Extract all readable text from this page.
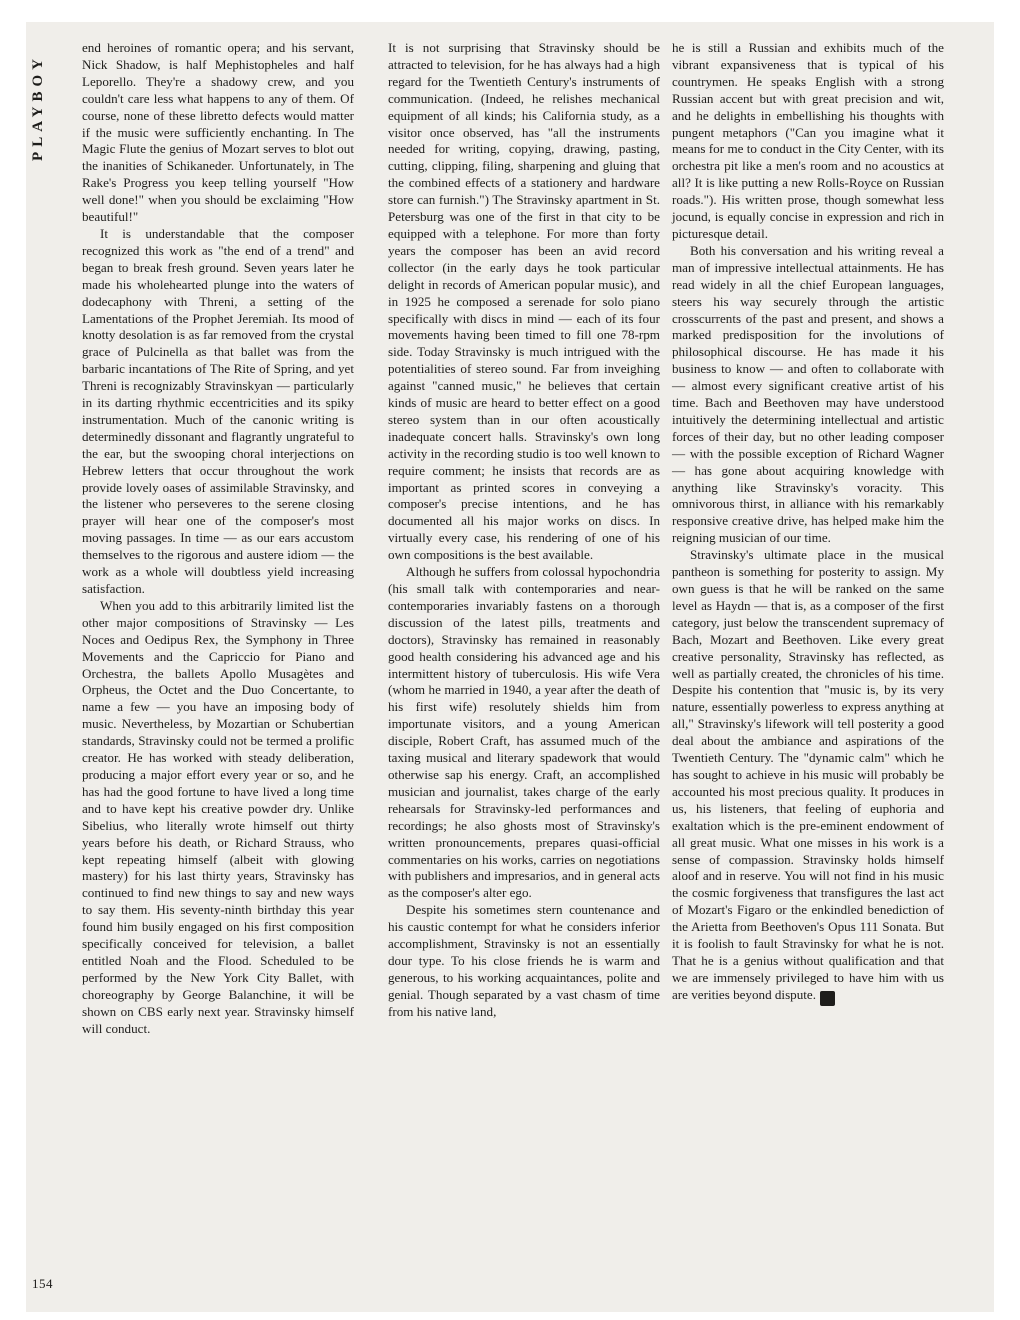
PLAYBOY

end heroines of romantic opera; and his servant, Nick Shadow, is half Mephistopheles and half Leporello. They're a shadowy crew, and you couldn't care less what happens to any of them. Of course, none of these libretto defects would matter if the music were sufficiently enchanting. In The Magic Flute the genius of Mozart serves to blot out the inanities of Schikaneder. Unfortunately, in The Rake's Progress you keep telling yourself "How well done!" when you should be exclaiming "How beautiful!"

It is understandable that the composer recognized this work as "the end of a trend" and began to break fresh ground. Seven years later he made his wholehearted plunge into the waters of dodecaphony with Threni, a setting of the Lamentations of the Prophet Jeremiah. Its mood of knotty desolation is as far removed from the crystal grace of Pulcinella as that ballet was from the barbaric incantations of The Rite of Spring, and yet Threni is recognizably Stravinskyan — particularly in its darting rhythmic eccentricities and its spiky instrumentation. Much of the canonic writing is determinedly dissonant and flagrantly ungrateful to the ear, but the swooping choral interjections on Hebrew letters that occur throughout the work provide lovely oases of assimilable Stravinsky, and the listener who perseveres to the serene closing prayer will hear one of the composer's most moving passages. In time — as our ears accustom themselves to the rigorous and austere idiom — the work as a whole will doubtless yield increasing satisfaction.

When you add to this arbitrarily limited list the other major compositions of Stravinsky — Les Noces and Oedipus Rex, the Symphony in Three Movements and the Capriccio for Piano and Orchestra, the ballets Apollo Musagètes and Orpheus, the Octet and the Duo Concertante, to name a few — you have an imposing body of music. Nevertheless, by Mozartian or Schubertian standards, Stravinsky could not be termed a prolific creator. He has worked with steady deliberation, producing a major effort every year or so, and he has had the good fortune to have lived a long time and to have kept his creative powder dry. Unlike Sibelius, who literally wrote himself out thirty years before his death, or Richard Strauss, who kept repeating himself (albeit with glowing mastery) for his last thirty years, Stravinsky has continued to find new things to say and new ways to say them. His seventy-ninth birthday this year found him busily engaged on his first composition specifically conceived for television, a ballet entitled Noah and the Flood. Scheduled to be performed by the New York City Ballet, with choreography by George Balanchine, it will be shown on CBS early next year. Stravinsky himself will conduct.

It is not surprising that Stravinsky should be attracted to television, for he has always had a high regard for the Twentieth Century's instruments of communication. (Indeed, he relishes mechanical equipment of all kinds; his California study, as a visitor once observed, has "all the instruments needed for writing, copying, drawing, pasting, cutting, clipping, filing, sharpening and gluing that the combined effects of a stationery and hardware store can furnish.") The Stravinsky apartment in St. Petersburg was one of the first in that city to be equipped with a telephone. For more than forty years the composer has been an avid record collector (in the early days he took particular delight in records of American popular music), and in 1925 he composed a serenade for solo piano specifically with discs in mind — each of its four movements having been timed to fill one 78-rpm side. Today Stravinsky is much intrigued with the potentialities of stereo sound. Far from inveighing against "canned music," he believes that certain kinds of music are heard to better effect on a good stereo system than in our often acoustically inadequate concert halls. Stravinsky's own long activity in the recording studio is too well known to require comment; he insists that records are as important as printed scores in conveying a composer's precise intentions, and he has documented all his major works on discs. In virtually every case, his rendering of one of his own compositions is the best available.

Although he suffers from colossal hypochondria (his small talk with contemporaries and near-contemporaries invariably fastens on a thorough discussion of the latest pills, treatments and doctors), Stravinsky has remained in reasonably good health considering his advanced age and his intermittent history of tuberculosis. His wife Vera (whom he married in 1940, a year after the death of his first wife) resolutely shields him from importunate visitors, and a young American disciple, Robert Craft, has assumed much of the taxing musical and literary spadework that would otherwise sap his energy. Craft, an accomplished musician and journalist, takes charge of the early rehearsals for Stravinsky-led performances and recordings; he also ghosts most of Stravinsky's written pronouncements, prepares quasi-official commentaries on his works, carries on negotiations with publishers and impresarios, and in general acts as the composer's alter ego.

Despite his sometimes stern countenance and his caustic contempt for what he considers inferior accomplishment, Stravinsky is not an essentially dour type. To his close friends he is warm and generous, to his working acquaintances, polite and genial. Though separated by a vast chasm of time from his native land,

he is still a Russian and exhibits much of the vibrant expansiveness that is typical of his countrymen. He speaks English with a strong Russian accent but with great precision and wit, and he delights in embellishing his thoughts with pungent metaphors ("Can you imagine what it means for me to conduct in the City Center, with its orchestra pit like a men's room and no acoustics at all? It is like putting a new Rolls-Royce on Russian roads."). His written prose, though somewhat less jocund, is equally concise in expression and rich in picturesque detail.

Both his conversation and his writing reveal a man of impressive intellectual attainments. He has read widely in all the chief European languages, steers his way securely through the artistic crosscurrents of the past and present, and shows a marked predisposition for the involutions of philosophical discourse. He has made it his business to know — and often to collaborate with — almost every significant creative artist of his time. Bach and Beethoven may have understood intuitively the determining intellectual and artistic forces of their day, but no other leading composer — with the possible exception of Richard Wagner — has gone about acquiring knowledge with anything like Stravinsky's voracity. This omnivorous thirst, in alliance with his remarkably responsive creative drive, has helped make him the reigning musician of our time.

Stravinsky's ultimate place in the musical pantheon is something for posterity to assign. My own guess is that he will be ranked on the same level as Haydn — that is, as a composer of the first category, just below the transcendent supremacy of Bach, Mozart and Beethoven. Like every great creative personality, Stravinsky has reflected, as well as partially created, the chronicles of his time. Despite his contention that "music is, by its very nature, essentially powerless to express anything at all," Stravinsky's lifework will tell posterity a good deal about the ambiance and aspirations of the Twentieth Century. The "dynamic calm" which he has sought to achieve in his music will probably be accounted his most precious quality. It produces in us, his listeners, that feeling of euphoria and exaltation which is the pre-eminent endowment of all great music. What one misses in his work is a sense of compassion. Stravinsky holds himself aloof and in reserve. You will not find in his music the cosmic forgiveness that transfigures the last act of Mozart's Figaro or the enkindled benediction of the Arietta from Beethoven's Opus 111 Sonata. But it is foolish to fault Stravinsky for what he is not. That he is a genius without qualification and that we are immensely privileged to have him with us are verities beyond dispute. ♦

154
